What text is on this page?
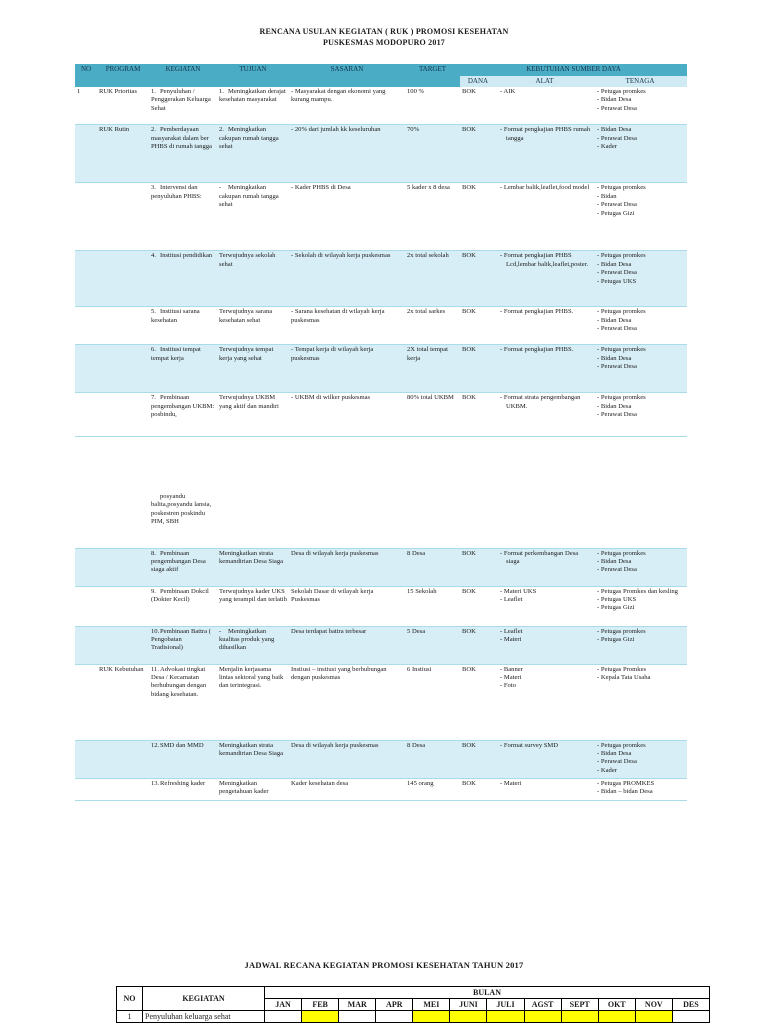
RENCANA USULAN KEGIATAN ( RUK ) PROMOSI KESEHATAN
PUSKESMAS MODOPURO 2017
NO	PROGRAM	KEGIATAN	TUJUAN	SASARAN	TARGET	KEBUTUHAN SUMBER DAYA		
						DANA	ALAT	TENAGA
1	RUK Prioritas	1. Penyuluhan / Penggerakan Keluarga Sehat	1. Meningkatkan derajat kesehatan masyarakat	- Masyarakat dengan ekonomi yang kurang mampu.	100 %	BOK	- AIK	- Petugas promkes
- Bidan Desa
- Perawat Desa

	RUK Rutin	2. Pemberdayaan masyarakat dalam ber PHBS di rumah tangga	2. Meningkatkan cakupan rumah tangga sehat	- 20% dari jumlah kk keseluruhan	70%	BOK	- Format pengkajian PHBS rumah tangga	- Bidan Desa
- Perawat Desa
- Kader

		3. Intervensi dan penyuluhan PHBS:	- Meningkatkan cakupan rumah tangga sehat	- Kader PHBS di Desa	5 kader x 8 desa	BOK	- Lembar balik,leaflet,food model	- Petugas promkes
- Bidan
- Perawat Desa
- Petugas Gizi

		4. Institusi pendidikan	Terwujudnya sekolah sehat	- Sekolah di wilayah kerja puskesmas	2x total sekolah	BOK	- Format pengkajian PHBS Lcd,lembar balik,leaflet,poster.	- Petugas promkes
- Bidan Desa
- Perawat Desa
- Petugas UKS

		5. Institusi sarana kesehatan	Terwujudnya sarana kesehatan sehat	- Sarana kesehatan di wilayah kerja puskesmas	2x total sarkes	BOK	- Format pengkajian PHBS.	- Petugas promkes
- Bidan Desa
- Perawat Desa

		6. Institusi tempat tempat kerja	Terwujudnya tempat kerja yang sehat	- Tempat kerja di wilayah kerja puskesmas	2X total tempat kerja	BOK	- Format pengkajian PHBS.	- Petugas promkes
- Bidan Desa
- Perawat Desa

		7. Pembinaan pengembangan UKBM: posbindu,	Terwujudnya UKBM yang aktif dan mandiri	- UKBM di wilker puskesmas	80% total UKBM	BOK	- Format strata pengembangan UKBM.	- Petugas promkes
- Bidan Desa
- Perawat Desa
		posyandu balita,posyandu lansia, poskestren poskindu PIM, SBH						
		8. Pembinaan pengembangan Desa siaga aktif	Meningkatkan strata kemandirian Desa Siaga	Desa di wilayah kerja puskesmas	8 Desa	BOK	- Format perkembangan Desa siaga	- Petugas promkes
- Bidan Desa
- Perawat Desa

		9. Pembinaan Dokcil (Dokter Kecil)	Terwujudnya kader UKS yang terampil dan terlatih	Sekolah Dasar di wilayah kerja Puskesmas	15 Sekolah	BOK	- Materi UKS
- Leaflet	- Petugas Promkes dan kesling
- Petugas UKS
- Petugas Gizi

		10.Pembinaan Battra ( Pengobatan Tradisional)	- Meningkatkan kualitas produk yang dihasilkan	Desa terdapat battra terbesar	5 Desa	BOK	- Leaflet
- Materi	- Petugas promkes
- Petugas Gizi

	RUK Kebutuhan	11.Advokasi tingkat Desa / Kecamatan berhubungan dengan bidang kesehatan.	Menjalin kerjasama lintas sektoral yang baik dan terintegrasi.	Instiusi – instiusi yang berhubungan dengan puskesmas	6 Instiusi	BOK	- Banner
- Materi
- Foto	- Petugas Promkes
- Kepala Tata Usaha

		12.SMD dan MMD	Meningkatkan strata kemandirian Desa Siaga	Desa di wilayah kerja puskesmas	8 Desa	BOK	- Format survey SMD	- Petugas promkes
- Bidan Desa
- Perawat Desa
- Kader

		13.Refreshing kader	Meningkatkan pengetahuan kader	Kader kesehatan desa	145 orang	BOK	- Materi	- Petugas PROMKES
- Bidan – bidan Desa
JADWAL RECANA KEGIATAN PROMOSI KESEHATAN TAHUN 2017
NO	KEGIATAN	BULAN											
		JAN	FEB	MAR	APR	MEI	JUNI	JULI	AGST	SEPT	OKT	NOV	DES
1	Penyuluhan keluarga sehat												
